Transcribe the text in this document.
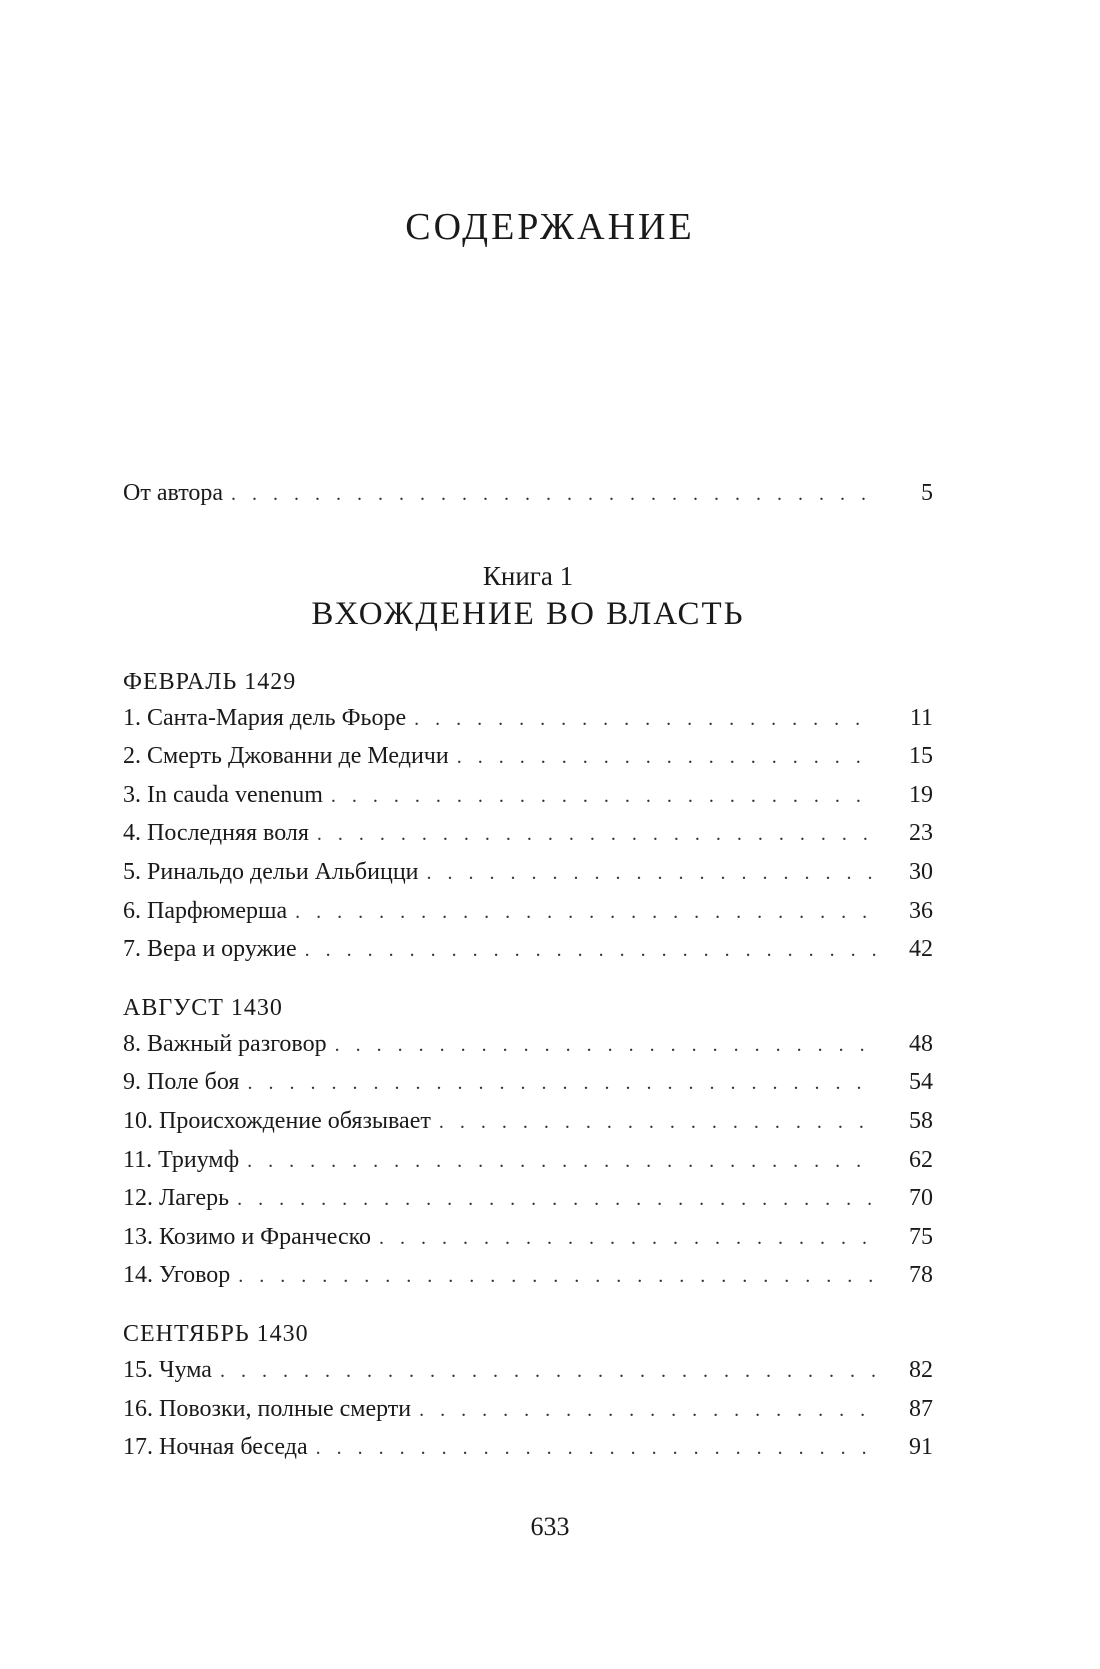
СОДЕРЖАНИЕ
От автора . . .	5
Книга 1
ВХОЖДЕНИЕ ВО ВЛАСТЬ
ФЕВРАЛЬ 1429
1. Санта-Мария дель Фьоре . . .	11
2. Смерть Джованни де Медичи . . .	15
3. In cauda venenum . . .	19
4. Последняя воля . . .	23
5. Ринальдо дельи Альбицци . . .	30
6. Парфюмерша . . .	36
7. Вера и оружие . . .	42
АВГУСТ 1430
8. Важный разговор . . .	48
9. Поле боя . . .	54
10. Происхождение обязывает . . .	58
11. Триумф . . .	62
12. Лагерь . . .	70
13. Козимо и Франческо . . .	75
14. Уговор . . .	78
СЕНТЯБРЬ 1430
15. Чума . . .	82
16. Повозки, полные смерти . . .	87
17. Ночная беседа . . .	91
633
